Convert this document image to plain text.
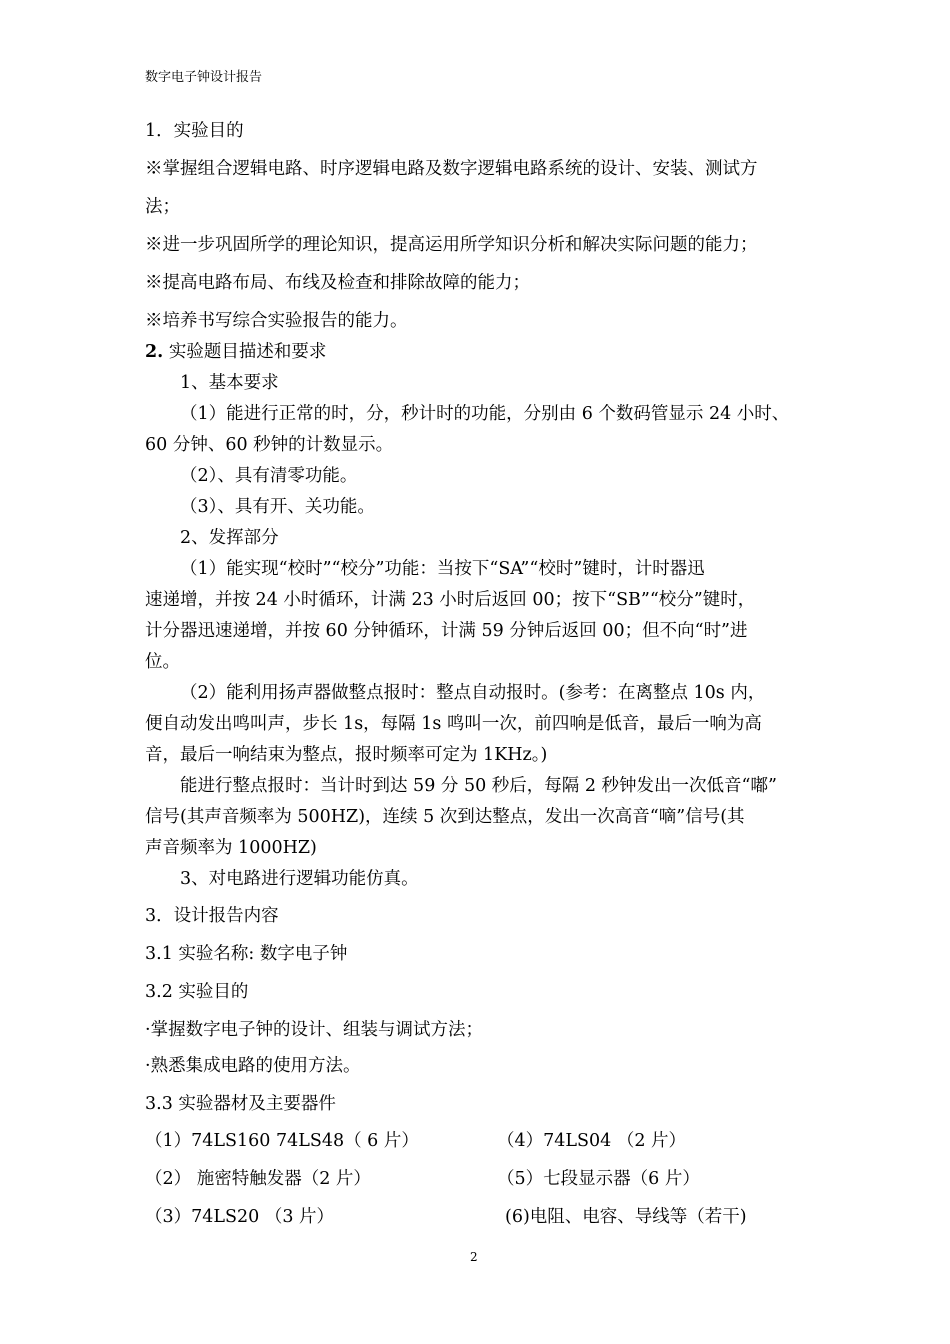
数字电子钟设计报告
1．实验目的
※掌握组合逻辑电路、时序逻辑电路及数字逻辑电路系统的设计、安装、测试方
法；
※进一步巩固所学的理论知识，提高运用所学知识分析和解决实际问题的能力；
※提高电路布局、布线及检查和排除故障的能力；
※培养书写综合实验报告的能力。
2. 实验题目描述和要求
1、基本要求
（1）能进行正常的时，分，秒计时的功能，分别由 6 个数码管显示 24 小时、
60 分钟、60 秒钟的计数显示。
（2）、具有清零功能。
（3）、具有开、关功能。
2、发挥部分
（1）能实现“校时”“校分”功能：当按下“SA”“校时”键时，计时器迅
速递增，并按 24 小时循环，计满 23 小时后返回 00；按下“SB”“校分”键时，
计分器迅速递增，并按 60 分钟循环，计满 59 分钟后返回 00；但不向“时”进
位。
（2）能利用扬声器做整点报时：整点自动报时。(参考：在离整点 10s 内，
便自动发出鸣叫声，步长 1s，每隔 1s 鸣叫一次，前四响是低音，最后一响为高
音，最后一响结束为整点，报时频率可定为 1KHz。)
能进行整点报时：当计时到达 59 分 50 秒后，每隔 2 秒钟发出一次低音“嘟”
信号(其声音频率为 500HZ)，连续 5 次到达整点，发出一次高音“嘀”信号(其
声音频率为 1000HZ)
3、对电路进行逻辑功能仿真。
3．设计报告内容
3.1 实验名称: 数字电子钟
3.2 实验目的
·掌握数字电子钟的设计、组装与调试方法；
·熟悉集成电路的使用方法。
3.3 实验器材及主要器件
（1）74LS160 74LS48（ 6 片）
（2） 施密特触发器（2 片）
（3）74LS20 （3 片）
（4）74LS04 （2 片）
（5）七段显示器（6 片）
(6)电阻、电容、导线等（若干)
2
